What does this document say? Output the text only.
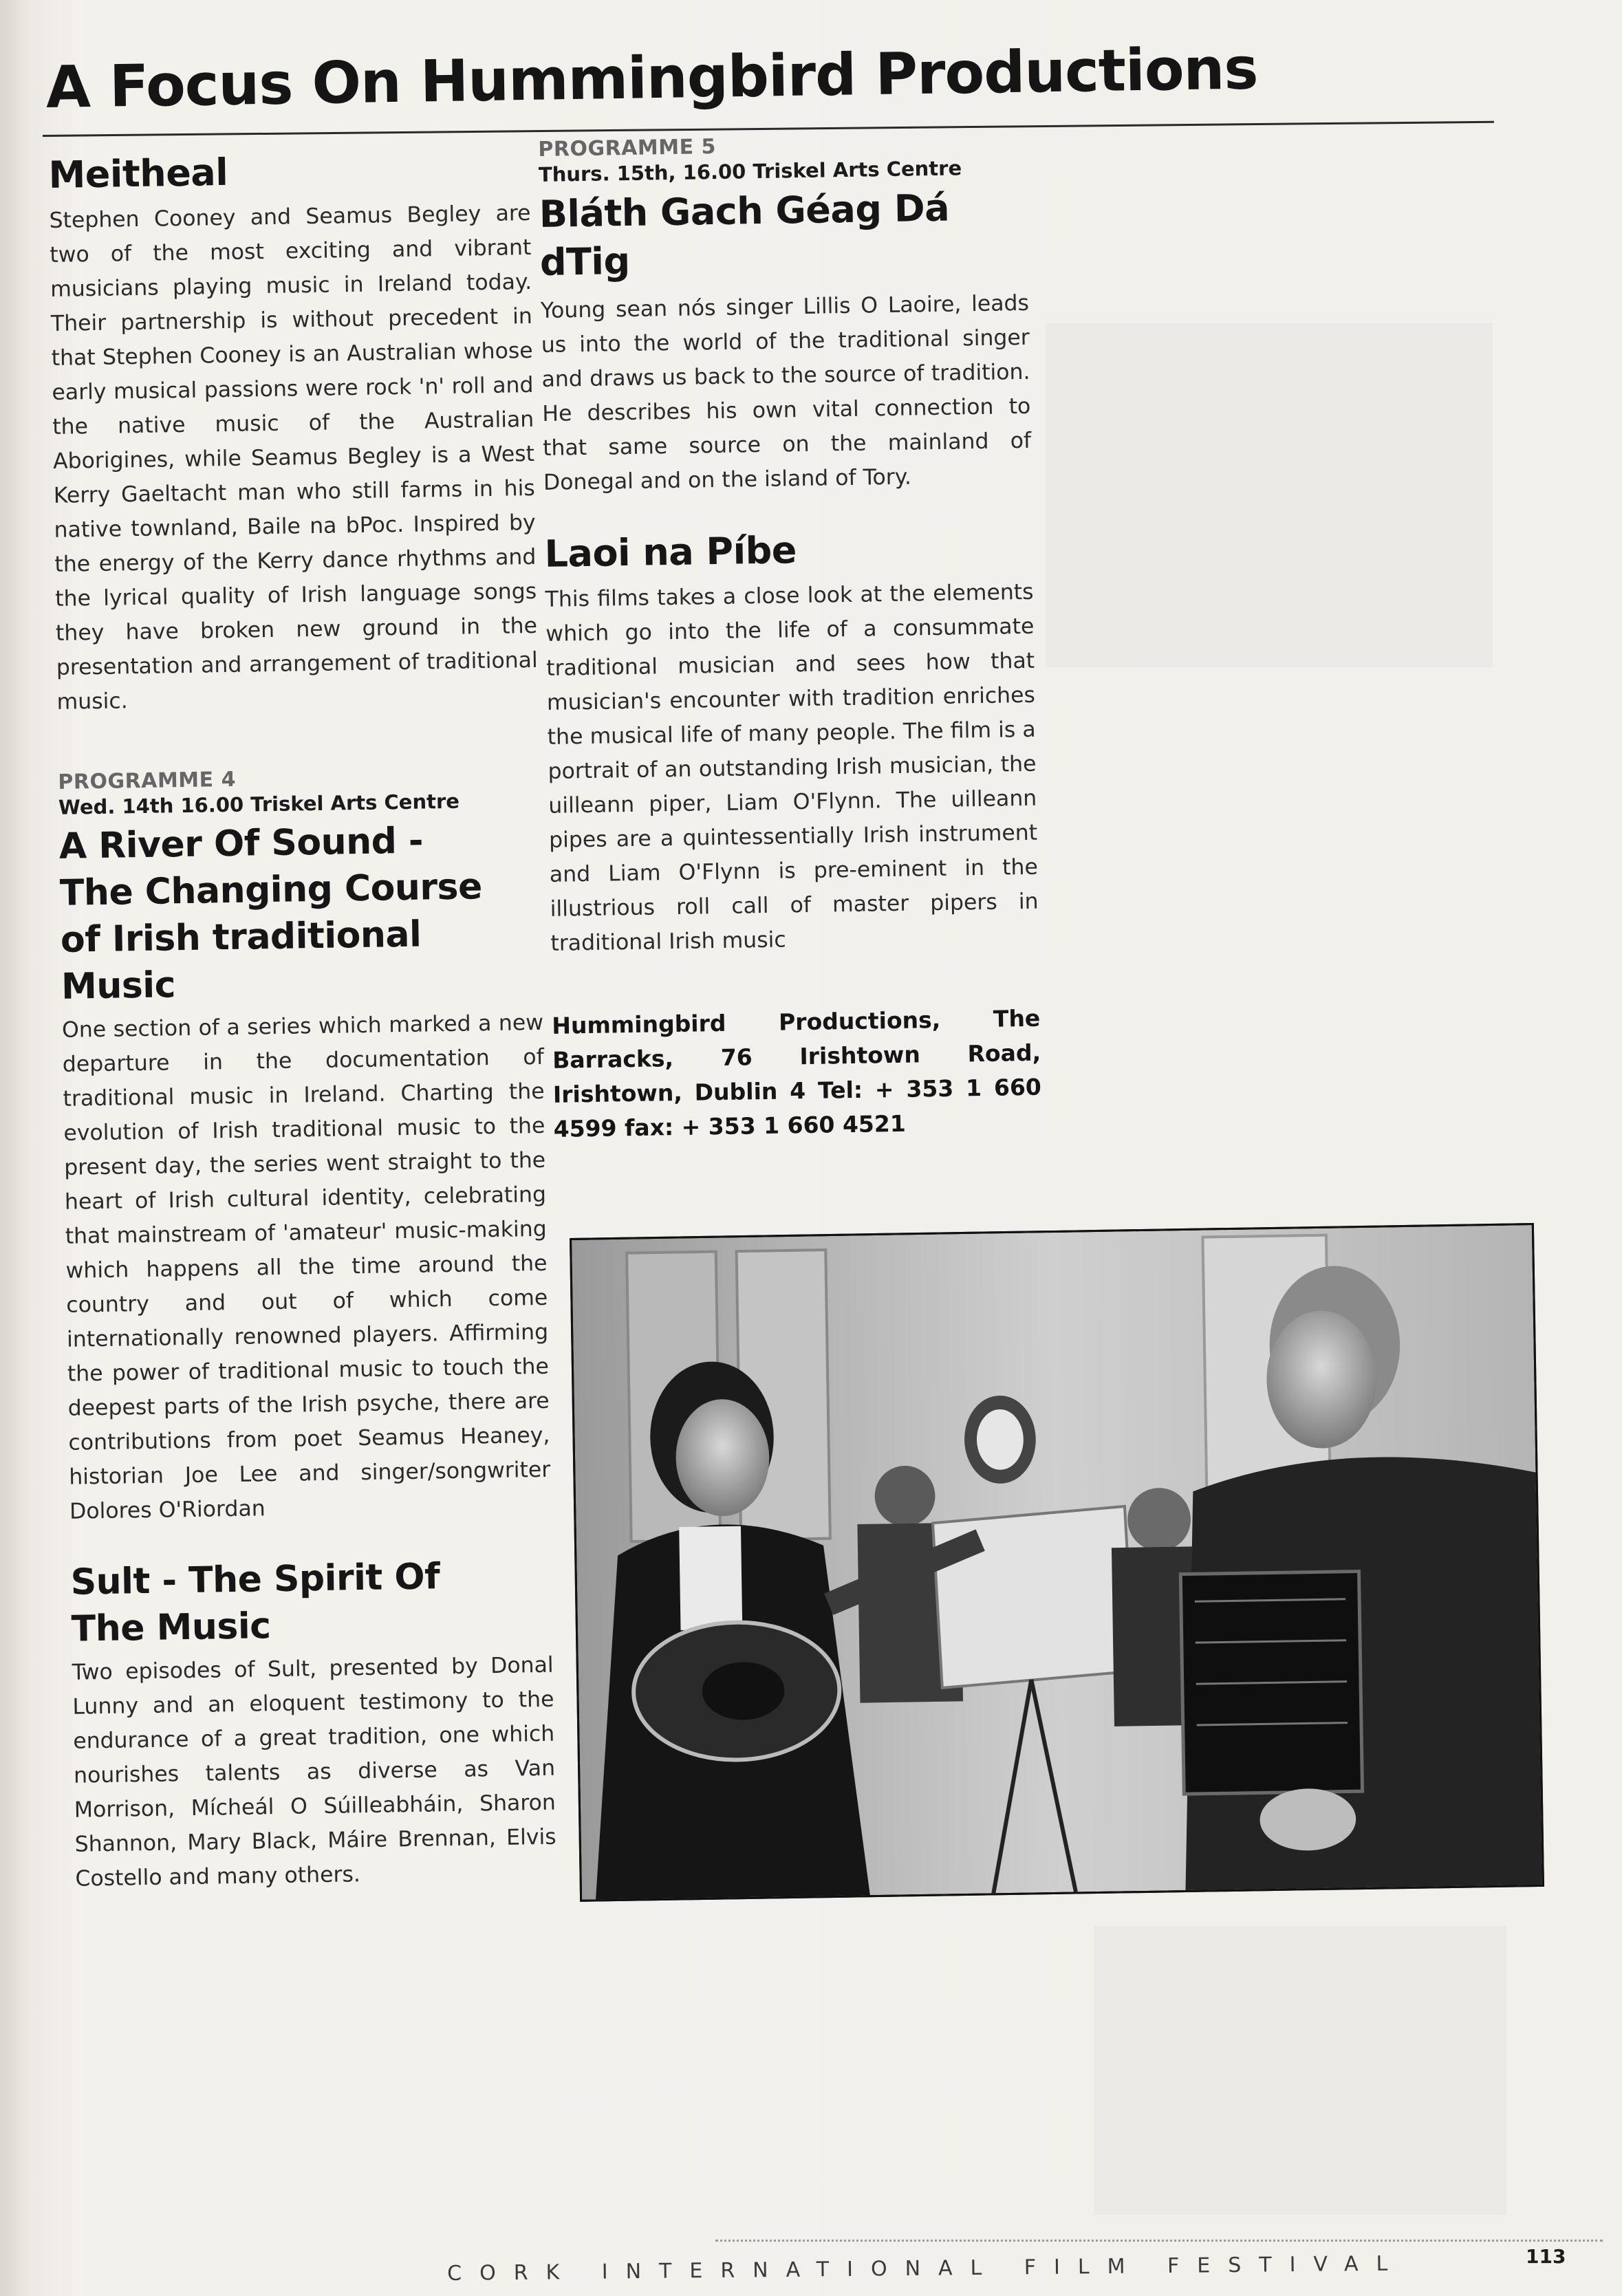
A Focus On Hummingbird Productions
Meitheal
Stephen Cooney and Seamus Begley are two of the most exciting and vibrant musicians playing music in Ireland today. Their partnership is without precedent in that Stephen Cooney is an Australian whose early musical passions were rock 'n' roll and the native music of the Australian Aborigines, while Seamus Begley is a West Kerry Gaeltacht man who still farms in his native townland, Baile na bPoc. Inspired by the energy of the Kerry dance rhythms and the lyrical quality of Irish language songs they have broken new ground in the presentation and arrangement of traditional music.
PROGRAMME 4
Wed. 14th 16.00 Triskel Arts Centre
A River Of Sound - The Changing Course of Irish traditional Music
One section of a series which marked a new departure in the documentation of traditional music in Ireland. Charting the evolution of Irish traditional music to the present day, the series went straight to the heart of Irish cultural identity, celebrating that mainstream of 'amateur' music-making which happens all the time around the country and out of which come internationally renowned players. Affirming the power of traditional music to touch the deepest parts of the Irish psyche, there are contributions from poet Seamus Heaney, historian Joe Lee and singer/songwriter Dolores O'Riordan
Sult - The Spirit Of The Music
Two episodes of Sult, presented by Donal Lunny and an eloquent testimony to the endurance of a great tradition, one which nourishes talents as diverse as Van Morrison, Mícheál O Súilleabháin, Sharon Shannon, Mary Black, Máire Brennan, Elvis Costello and many others.
PROGRAMME 5
Thurs. 15th, 16.00 Triskel Arts Centre
Bláth Gach Géag Dá dTig
Young sean nós singer Lillis O Laoire, leads us into the world of the traditional singer and draws us back to the source of tradition. He describes his own vital connection to that same source on the mainland of Donegal and on the island of Tory.
Laoi na Píbe
This films takes a close look at the elements which go into the life of a consummate traditional musician and sees how that musician's encounter with tradition enriches the musical life of many people. The film is a portrait of an outstanding Irish musician, the uilleann piper, Liam O'Flynn. The uilleann pipes are a quintessentially Irish instrument and Liam O'Flynn is pre-eminent in the illustrious roll call of master pipers in traditional Irish music
Hummingbird Productions, The Barracks, 76 Irishtown Road, Irishtown, Dublin 4 Tel: + 353 1 660 4599 fax: + 353 1 660 4521
CORK INTERNATIONAL FILM FESTIVAL	113
